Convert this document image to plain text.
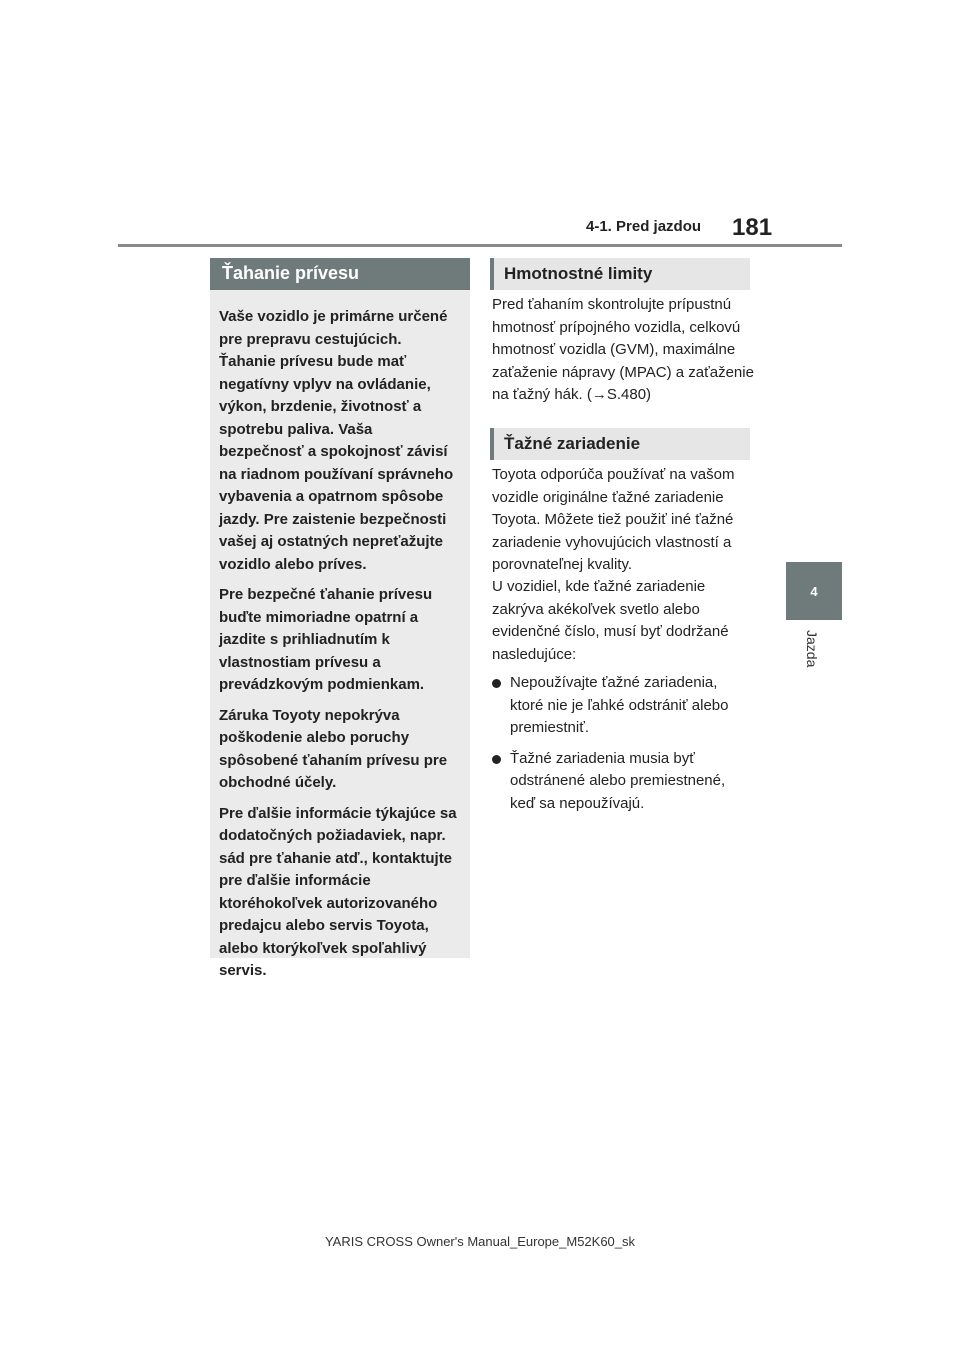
4-1. Pred jazdou 181
4
Jazda
Ťahanie prívesu

Vaše vozidlo je primárne určené pre prepravu cestujúcich. Ťahanie prívesu bude mať negatívny vplyv na ovládanie, výkon, brzdenie, životnosť a spotrebu paliva. Vaša bezpečnosť a spokojnosť závisí na riadnom používaní správneho vybavenia a opatrnom spôsobe jazdy. Pre zaistenie bezpečnosti vašej aj ostatných nepreťažujte vozidlo alebo príves.

Pre bezpečné ťahanie prívesu buďte mimoriadne opatrní a jazdite s prihliadnutím k vlastnostiam prívesu a prevádzkovým podmienkam.

Záruka Toyoty nepokrýva poškodenie alebo poruchy spôsobené ťahaním prívesu pre obchodné účely.

Pre ďalšie informácie týkajúce sa dodatočných požiadaviek, napr. sád pre ťahanie atď., kontaktujte pre ďalšie informácie ktoréhokoľvek autorizovaného predajcu alebo servis Toyota, alebo ktorýkoľvek spoľahlivý servis.

Hmotnostné limity

Pred ťahaním skontrolujte prípustnú hmotnosť prípojného vozidla, celkovú hmotnosť vozidla (GVM), maximálne zaťaženie nápravy (MPAC) a zaťaženie na ťažný hák. (→S.480)

Ťažné zariadenie

Toyota odporúča používať na vašom vozidle originálne ťažné zariadenie Toyota. Môžete tiež použiť iné ťažné zariadenie vyhovujúcich vlastností a porovnateľnej kvality.

U vozidiel, kde ťažné zariadenie zakrýva akékoľvek svetlo alebo evidenčné číslo, musí byť dodržané nasledujúce:

Nepoužívajte ťažné zariadenia, ktoré nie je ľahké odstrániť alebo premiestniť.
Ťažné zariadenia musia byť odstránené alebo premiestnené, keď sa nepoužívajú.
YARIS CROSS Owner's Manual_Europe_M52K60_sk
